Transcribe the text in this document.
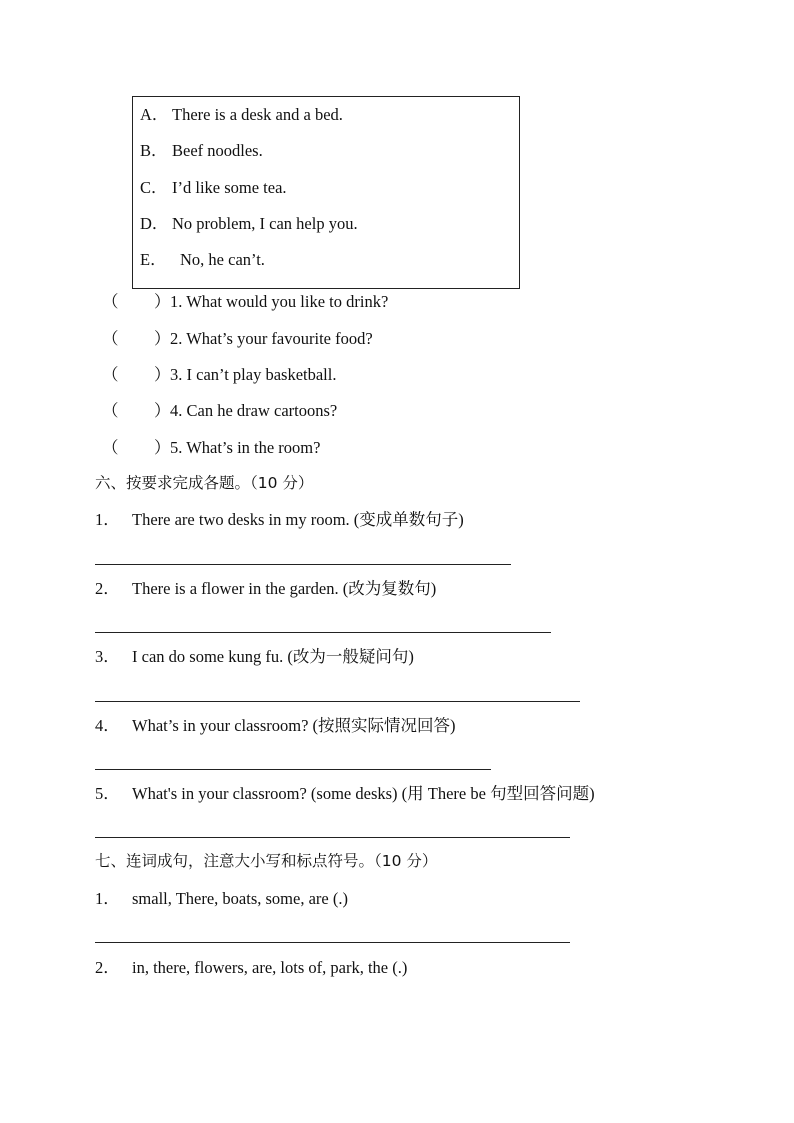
A． There is a desk and a bed.
B． Beef noodles.
C． I’d like some tea.
D． No problem, I can help you.
E． No, he can’t.
（ ） 1. What would you like to drink?
（ ） 2. What’s your favourite food?
（ ） 3. I can’t play basketball.
（ ） 4. Can he draw cartoons?
（ ） 5. What’s in the room?
六、按要求完成各题。（10 分）
1． There are two desks in my room. (变成单数句子)
2． There is a flower in the garden. (改为复数句)
3． I can do some kung fu. (改为一般疑问句)
4． What’s in your classroom? (按照实际情况回答)
5． What's in your classroom? (some desks) (用 There be 句型回答问题)
七、连词成句，注意大小写和标点符号。（10 分）
1． small, There, boats, some, are (.)
2． in, there, flowers, are, lots of, park, the (.)
